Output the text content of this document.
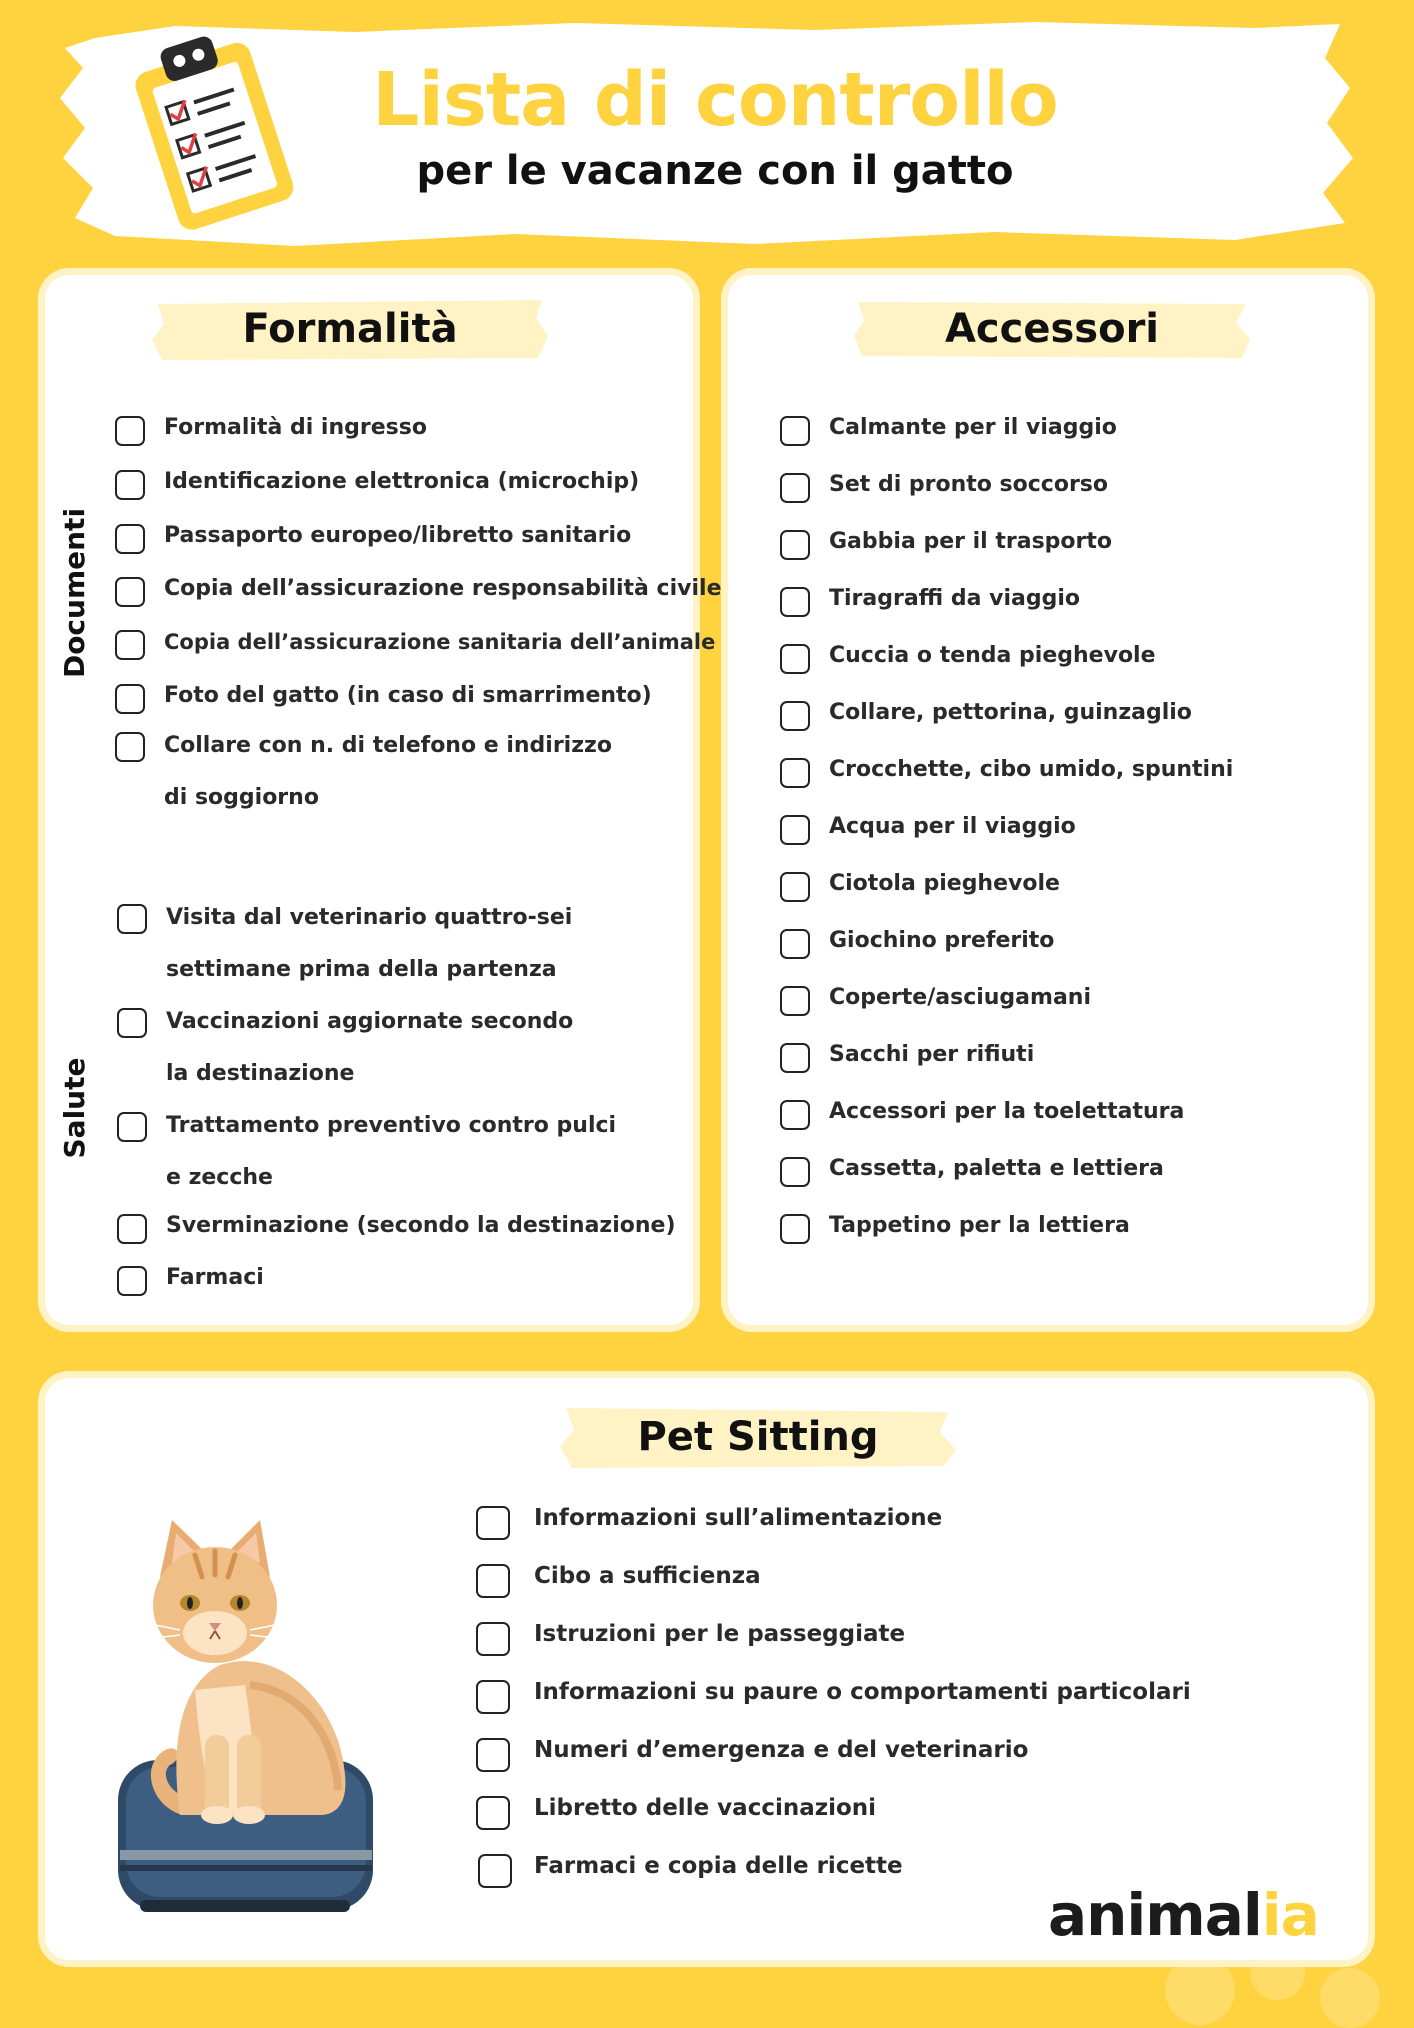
Lista di controllo
per le vacanze con il gatto
Formalità
Documenti
Formalità di ingresso
Identificazione elettronica (microchip)
Passaporto europeo/libretto sanitario
Copia dell’assicurazione responsabilità civile
Copia dell’assicurazione sanitaria dell’animale
Foto del gatto (in caso di smarrimento)
Collare con n. di telefono e indirizzo di soggiorno
Salute
Visita dal veterinario quattro-sei settimane prima della partenza
Vaccinazioni aggiornate secondo la destinazione
Trattamento preventivo contro pulci e zecche
Sverminazione (secondo la destinazione)
Farmaci
Accessori
Calmante per il viaggio
Set di pronto soccorso
Gabbia per il trasporto
Tiragraffi da viaggio
Cuccia o tenda pieghevole
Collare, pettorina, guinzaglio
Crocchette, cibo umido, spuntini
Acqua per il viaggio
Ciotola pieghevole
Giochino preferito
Coperte/asciugamani
Sacchi per rifiuti
Accessori per la toelettatura
Cassetta, paletta e lettiera
Tappetino per la lettiera
Pet Sitting
Informazioni sull’alimentazione
Cibo a sufficienza
Istruzioni per le passeggiate
Informazioni su paure o comportamenti particolari
Numeri d’emergenza e del veterinario
Libretto delle vaccinazioni
Farmaci e copia delle ricette
animalia
